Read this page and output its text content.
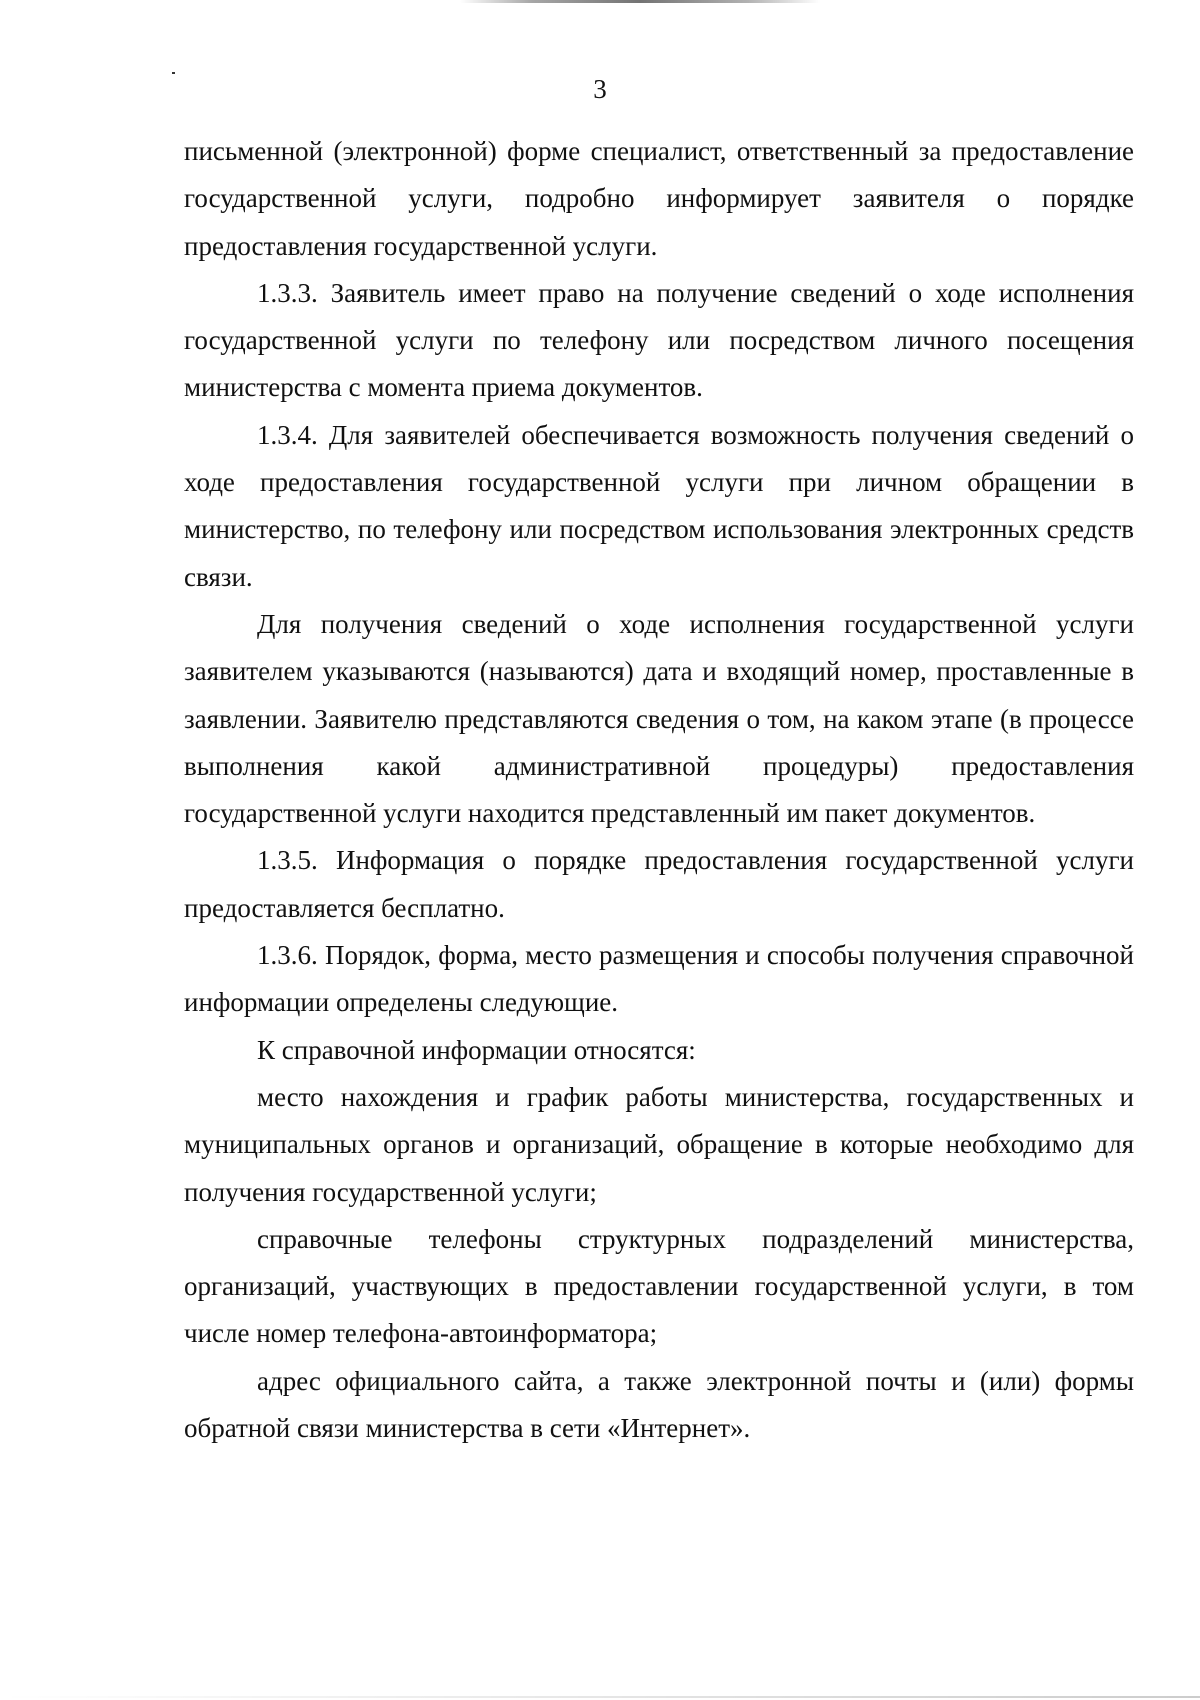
3

письменной (электронной) форме специалист, ответственный за предоставление государственной услуги, подробно информирует заявителя о порядке предоставления государственной услуги.

1.3.3. Заявитель имеет право на получение сведений о ходе исполнения государственной услуги по телефону или посредством личного посещения министерства с момента приема документов.

1.3.4. Для заявителей обеспечивается возможность получения сведений о ходе предоставления государственной услуги при личном обращении в министерство, по телефону или посредством использования электронных средств связи.

Для получения сведений о ходе исполнения государственной услуги заявителем указываются (называются) дата и входящий номер, проставленные в заявлении. Заявителю представляются сведения о том, на каком этапе (в процессе выполнения какой административной процедуры) предоставления государственной услуги находится представленный им пакет документов.

1.3.5. Информация о порядке предоставления государственной услуги предоставляется бесплатно.

1.3.6. Порядок, форма, место размещения и способы получения справочной информации определены следующие.

К справочной информации относятся:

место нахождения и график работы министерства, государственных и муниципальных органов и организаций, обращение в которые необходимо для получения государственной услуги;

справочные телефоны структурных подразделений министерства, организаций, участвующих в предоставлении государственной услуги, в том числе номер телефона-автоинформатора;

адрес официального сайта, а также электронной почты и (или) формы обратной связи министерства в сети «Интернет».
